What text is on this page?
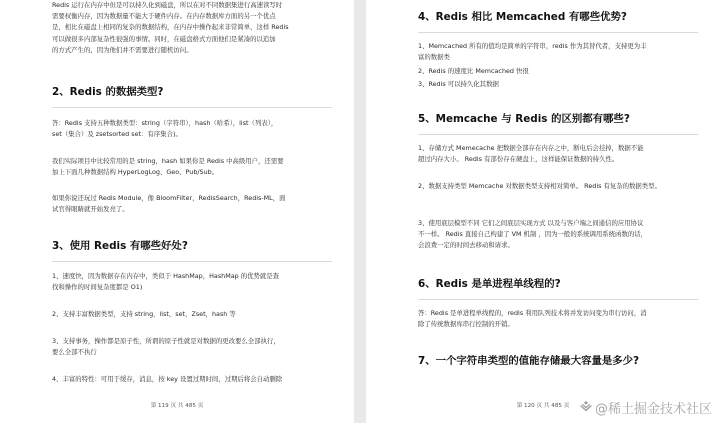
Redis 运行在内存中但是可以持久化到磁盘，所以在对不同数据集进行高速读写时

需要权衡内存，因为数据量不能大于硬件内存。在内存数据库方面的另一个优点

是，相比在磁盘上相同的复杂的数据结构，在内存中操作起来非常简单，这样 Redis

可以做很多内部复杂性很强的事情。同时，在磁盘格式方面他们是紧凑的以追加

的方式产生的，因为他们并不需要进行随机访问。

2、Redis 的数据类型?

答：Redis 支持五种数据类型：string（字符串），hash（哈希），list（列表），

set（集合）及 zsetsorted set：有序集合)。

我们实际项目中比较常用的是 string，hash 如果你是 Redis 中高级用户，还需要

加上下面几种数据结构 HyperLogLog、Geo、Pub/Sub。

如果你说还玩过 Redis Module，像 BloomFilter，RedisSearch，Redis-ML，面

试官得眼睛就开始发亮了。

3、使用 Redis 有哪些好处?

1、速度快，因为数据存在内存中，类似于 HashMap，HashMap 的优势就是查

找和操作的时间复杂度都是 O1)

2、支持丰富数据类型，支持 string，list，set，Zset，hash 等

3、支持事务，操作都是原子性，所谓的原子性就是对数据的更改要么全部执行，

要么全部不执行

4、丰富的特性：可用于缓存，消息，按 key 设置过期时间，过期后将会自动删除

第 119 页 共 485 页
4、Redis 相比 Memcached 有哪些优势?

1、Memcached 所有的值均是简单的字符串，redis 作为其替代者，支持更为丰

富的数据类

2、Redis 的速度比 Memcached 快很

3、Redis 可以持久化其数据

5、Memcache 与 Redis 的区别都有哪些?

1、存储方式 Memecache 把数据全部存在内存之中，断电后会挂掉，数据不能

超过内存大小。 Redis 有部份存在硬盘上，这样能保证数据的持久性。

2、数据支持类型 Memcache 对数据类型支持相对简单。 Redis 有复杂的数据类型。

3、使用底层模型不同 它们之间底层实现方式 以及与客户端之间通信的应用协议

不一样。 Redis 直接自己构建了 VM 机制 ，因为一般的系统调用系统函数的话，

会浪费一定的时间去移动和请求。

6、Redis 是单进程单线程的?

答：Redis 是单进程单线程的，redis 利用队列技术将并发访问变为串行访问，消

除了传统数据库串行控制的开销。

7、一个字符串类型的值能存储最大容量是多少?
第 120 页 共 485 页	@稀土掘金技术社区
